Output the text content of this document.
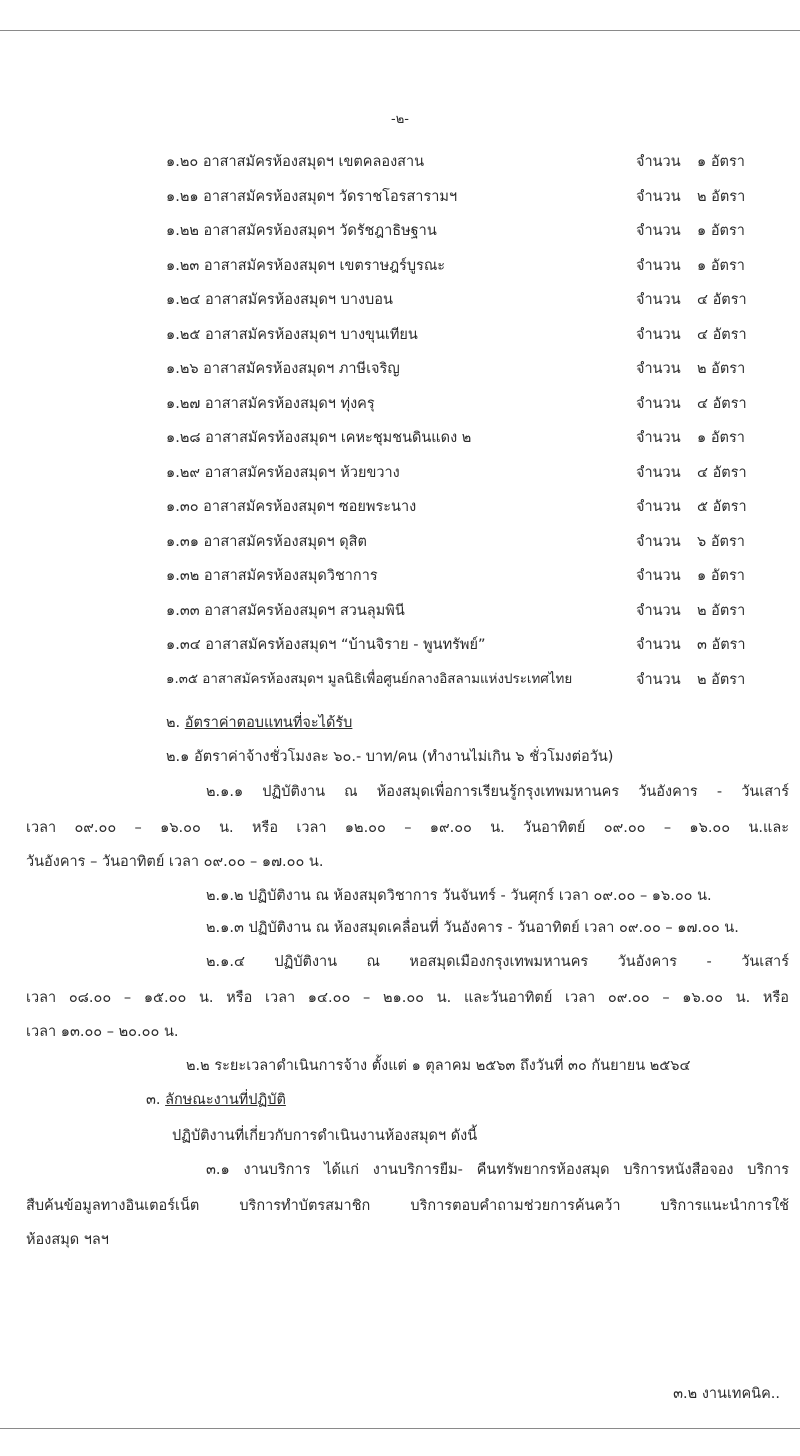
-๒-
๑.๒๐ อาสาสมัครห้องสมุดฯ เขตคลองสาน	จำนวน ๑ อัตรา
๑.๒๑ อาสาสมัครห้องสมุดฯ วัดราชโอรสารามฯ	จำนวน ๒ อัตรา
๑.๒๒ อาสาสมัครห้องสมุดฯ วัดรัชฎาธิษฐาน	จำนวน ๑ อัตรา
๑.๒๓ อาสาสมัครห้องสมุดฯ เขตราษฎร์บูรณะ	จำนวน ๑ อัตรา
๑.๒๔ อาสาสมัครห้องสมุดฯ บางบอน	จำนวน ๔ อัตรา
๑.๒๕ อาสาสมัครห้องสมุดฯ บางขุนเทียน	จำนวน ๔ อัตรา
๑.๒๖ อาสาสมัครห้องสมุดฯ ภาษีเจริญ	จำนวน ๒ อัตรา
๑.๒๗ อาสาสมัครห้องสมุดฯ ทุ่งครุ	จำนวน ๔ อัตรา
๑.๒๘ อาสาสมัครห้องสมุดฯ เคหะชุมชนดินแดง ๒	จำนวน ๑ อัตรา
๑.๒๙ อาสาสมัครห้องสมุดฯ ห้วยขวาง	จำนวน ๔ อัตรา
๑.๓๐ อาสาสมัครห้องสมุดฯ ซอยพระนาง	จำนวน ๕ อัตรา
๑.๓๑ อาสาสมัครห้องสมุดฯ ดุสิต	จำนวน ๖ อัตรา
๑.๓๒ อาสาสมัครห้องสมุดวิชาการ	จำนวน ๑ อัตรา
๑.๓๓ อาสาสมัครห้องสมุดฯ สวนลุมพินี	จำนวน ๒ อัตรา
๑.๓๔ อาสาสมัครห้องสมุดฯ “บ้านจิราย - พูนทรัพย์”	จำนวน ๓ อัตรา
๑.๓๕ อาสาสมัครห้องสมุดฯ มูลนิธิเพื่อศูนย์กลางอิสลามแห่งประเทศไทย	จำนวน ๒ อัตรา
๒. อัตราค่าตอบแทนที่จะได้รับ
๒.๑ อัตราค่าจ้างชั่วโมงละ ๖๐.- บาท/คน (ทำงานไม่เกิน ๖ ชั่วโมงต่อวัน)
๒.๑.๑ ปฏิบัติงาน ณ ห้องสมุดเพื่อการเรียนรู้กรุงเทพมหานคร วันอังคาร - วันเสาร์
เวลา ๐๙.๐๐ – ๑๖.๐๐ น. หรือ เวลา ๑๒.๐๐ – ๑๙.๐๐ น. วันอาทิตย์ ๐๙.๐๐ – ๑๖.๐๐ น.และ
วันอังคาร – วันอาทิตย์ เวลา ๐๙.๐๐ – ๑๗.๐๐ น.
๒.๑.๒ ปฏิบัติงาน ณ ห้องสมุดวิชาการ วันจันทร์ - วันศุกร์ เวลา ๐๙.๐๐ – ๑๖.๐๐ น.
๒.๑.๓ ปฏิบัติงาน ณ ห้องสมุดเคลื่อนที่ วันอังคาร - วันอาทิตย์ เวลา ๐๙.๐๐ – ๑๗.๐๐ น.
๒.๑.๔ ปฏิบัติงาน ณ หอสมุดเมืองกรุงเทพมหานคร วันอังคาร - วันเสาร์
เวลา ๐๘.๐๐ – ๑๕.๐๐ น. หรือ เวลา ๑๔.๐๐ – ๒๑.๐๐ น. และวันอาทิตย์ เวลา ๐๙.๐๐ – ๑๖.๐๐ น. หรือ
เวลา ๑๓.๐๐ – ๒๐.๐๐ น.
๒.๒ ระยะเวลาดำเนินการจ้าง ตั้งแต่ ๑ ตุลาคม ๒๕๖๓ ถึงวันที่ ๓๐ กันยายน ๒๕๖๔
๓. ลักษณะงานที่ปฏิบัติ
ปฏิบัติงานที่เกี่ยวกับการดำเนินงานห้องสมุดฯ ดังนี้
๓.๑ งานบริการ ได้แก่ งานบริการยืม- คืนทรัพยากรห้องสมุด บริการหนังสือจอง บริการ
สืบค้นข้อมูลทางอินเตอร์เน็ต บริการทำบัตรสมาชิก บริการตอบคำถามช่วยการค้นคว้า บริการแนะนำการใช้
ห้องสมุด ฯลฯ
๓.๒ งานเทคนิค..
